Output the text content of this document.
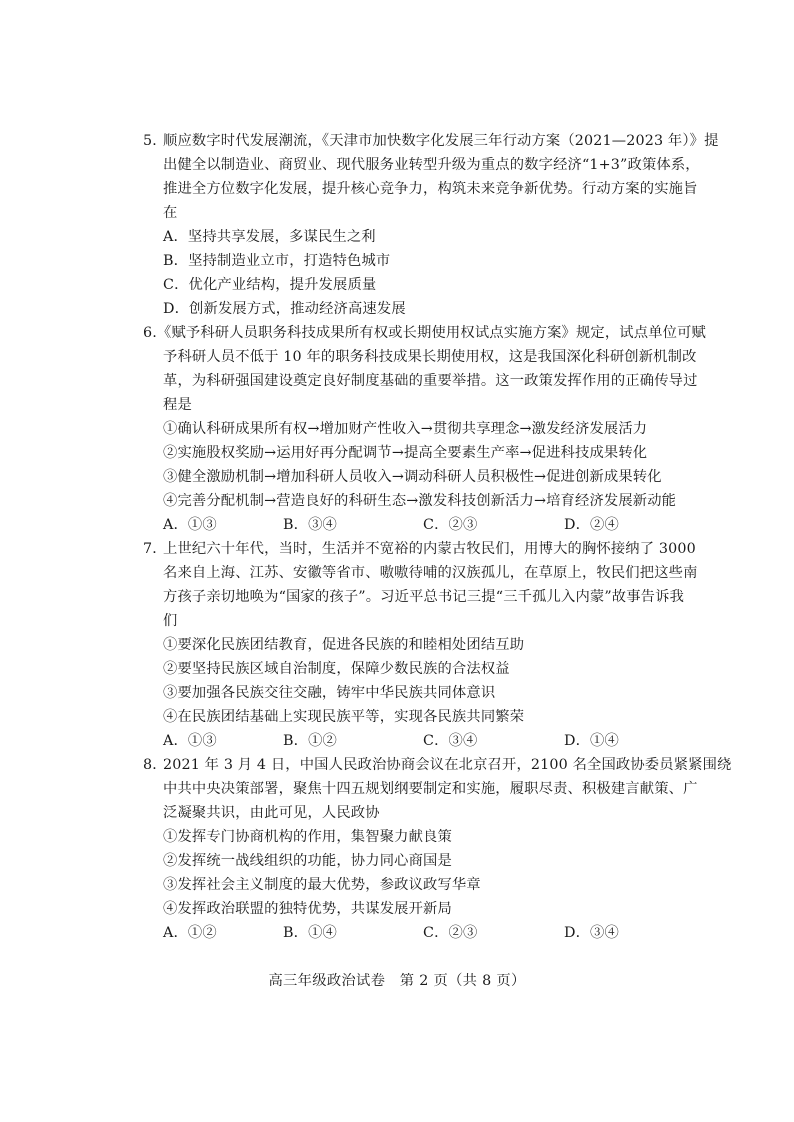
5．
顺应数字时代发展潮流，《天津市加快数字化发展三年行动方案（2021—2023 年）》提
出健全以制造业、商贸业、现代服务业转型升级为重点的数字经济“1+3”政策体系，
推进全方位数字化发展，提升核心竞争力，构筑未来竞争新优势。行动方案的实施旨
在
A．坚持共享发展，多谋民生之利
B．坚持制造业立市，打造特色城市
C．优化产业结构，提升发展质量
D．创新发展方式，推动经济高速发展
6. 《赋予科研人员职务科技成果所有权或长期使用权试点实施方案》规定，试点单位可赋
予科研人员不低于 10 年的职务科技成果长期使用权，这是我国深化科研创新机制改
革，为科研强国建设奠定良好制度基础的重要举措。这一政策发挥作用的正确传导过
程是
①确认科研成果所有权→增加财产性收入→贯彻共享理念→激发经济发展活力
②实施股权奖励→运用好再分配调节→提高全要素生产率→促进科技成果转化
③健全激励机制→增加科研人员收入→调动科研人员积极性→促进创新成果转化
④完善分配机制→营造良好的科研生态→激发科技创新活力→培育经济发展新动能
A．①③	B．③④	C．②③	D．②④
7．
上世纪六十年代，当时，生活并不宽裕的内蒙古牧民们，用博大的胸怀接纳了 3000
名来自上海、江苏、安徽等省市、嗷嗷待哺的汉族孤儿，在草原上，牧民们把这些南
方孩子亲切地唤为“国家的孩子”。习近平总书记三提“三千孤儿入内蒙”故事告诉我
们
①要深化民族团结教育，促进各民族的和睦相处团结互助
②要坚持民族区域自治制度，保障少数民族的合法权益
③要加强各民族交往交融，铸牢中华民族共同体意识
④在民族团结基础上实现民族平等，实现各民族共同繁荣
A．①③	B．①②	C．③④	D．①④
8．
2021 年 3 月 4 日，中国人民政治协商会议在北京召开，2100 名全国政协委员紧紧围绕
中共中央决策部署，聚焦十四五规划纲要制定和实施，履职尽责、积极建言献策、广
泛凝聚共识，由此可见，人民政协
①发挥专门协商机构的作用，集智聚力献良策
②发挥统一战线组织的功能，协力同心商国是
③发挥社会主义制度的最大优势，参政议政写华章
④发挥政治联盟的独特优势，共谋发展开新局
A．①②	B．①④	C．②③	D．③④
高三年级政治试卷　第 2 页（共 8 页）
